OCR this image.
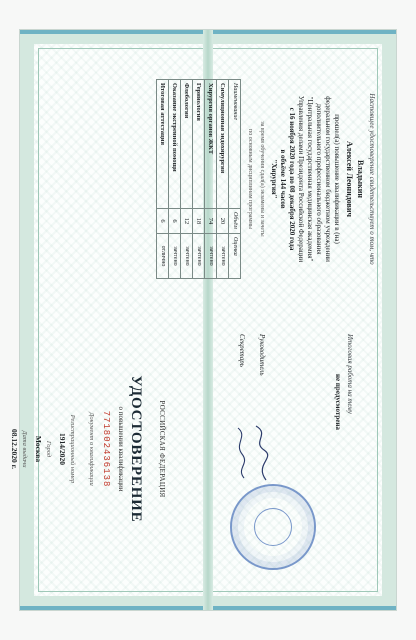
Настоящее удостоверение свидетельствует о том, что
Владыкин
Алексей Леонидович
прошел(а) повышение квалификации в (на)
федеральном государственном бюджетном учреждении
дополнительного профессионального образования
"Центральная государственная медицинская академия"
Управления делами Президента Российской Федерации
с 16 ноября 2020 года по 08 декабря 2020 года
в объёме 144 часов
"Хирургия"
за время обучения сдал(а) экзамены и зачеты
по основным дисциплинам программы
Наименование	Объём	Оценка
Симуляционная эндохирургия	20	зачтено
Хирургия органов ЖКТ	74	зачтено
Герниология	18	зачтено
Флебология	12	зачтено
Оказание экстренной помощи	6	зачтено
Итоговая аттестация	6	отлично
Итоговая работа на тему
не предусмотрена
Руководитель
Секретарь
РОССИЙСКАЯ ФЕДЕРАЦИЯ
УДОСТОВЕРЕНИЕ
о повышении квалификации
771802436138
Документ о квалификации
Регистрационный номер
1914/2020
Город
Москва
Дата выдачи
08.12.2020 г.
